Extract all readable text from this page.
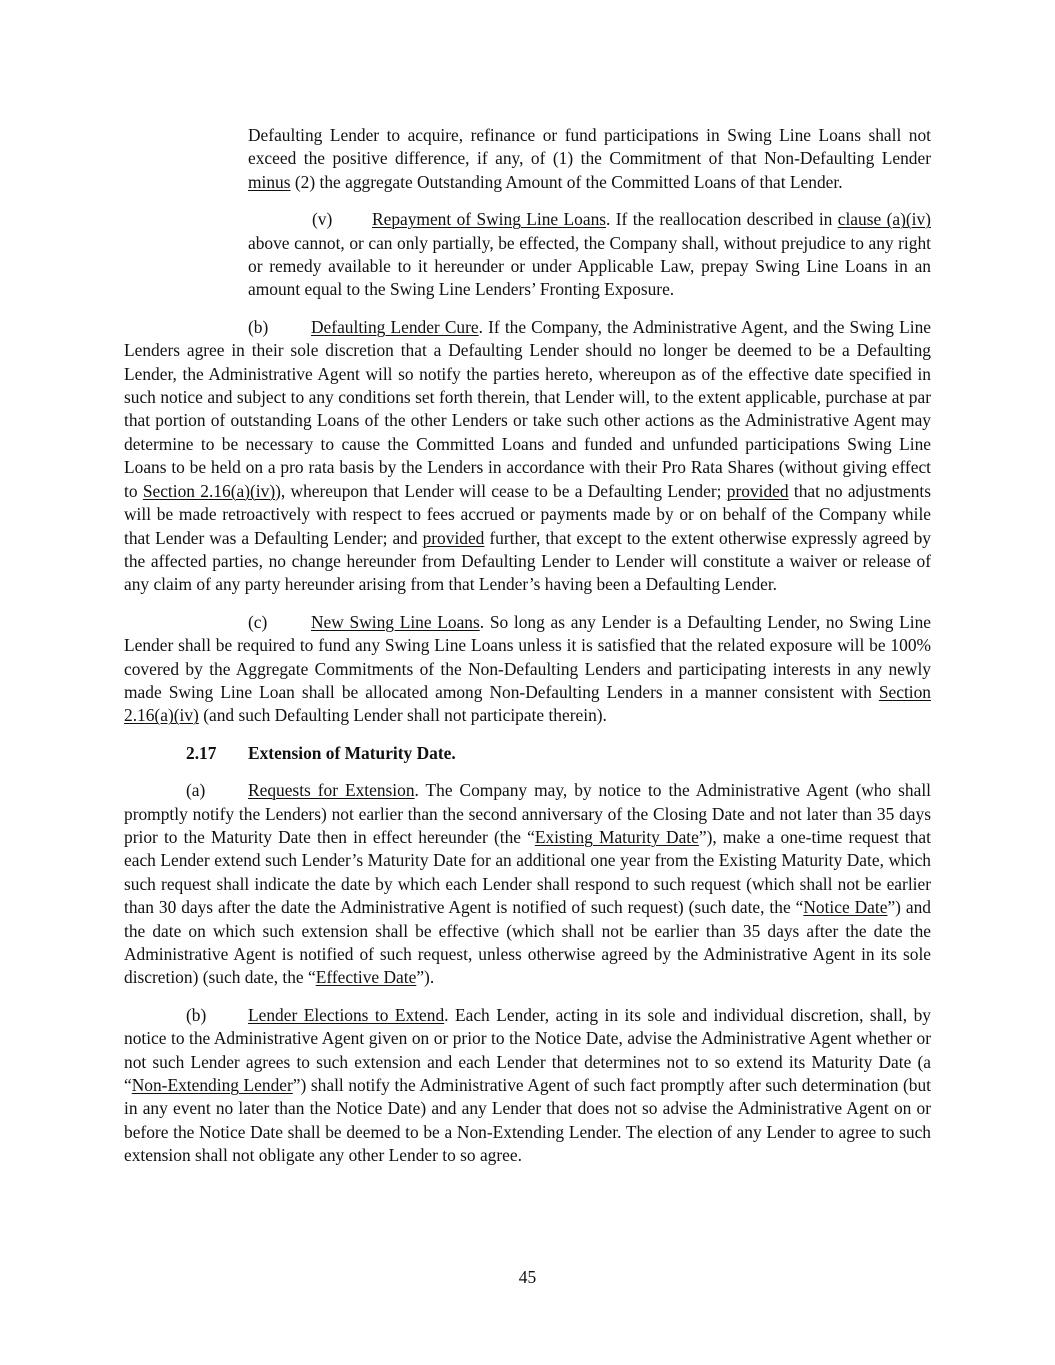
Defaulting Lender to acquire, refinance or fund participations in Swing Line Loans shall not exceed the positive difference, if any, of (1) the Commitment of that Non-Defaulting Lender minus (2) the aggregate Outstanding Amount of the Committed Loans of that Lender.

(v) Repayment of Swing Line Loans. If the reallocation described in clause (a)(iv) above cannot, or can only partially, be effected, the Company shall, without prejudice to any right or remedy available to it hereunder or under Applicable Law, prepay Swing Line Loans in an amount equal to the Swing Line Lenders’ Fronting Exposure.

(b) Defaulting Lender Cure. If the Company, the Administrative Agent, and the Swing Line Lenders agree in their sole discretion that a Defaulting Lender should no longer be deemed to be a Defaulting Lender, the Administrative Agent will so notify the parties hereto, whereupon as of the effective date specified in such notice and subject to any conditions set forth therein, that Lender will, to the extent applicable, purchase at par that portion of outstanding Loans of the other Lenders or take such other actions as the Administrative Agent may determine to be necessary to cause the Committed Loans and funded and unfunded participations Swing Line Loans to be held on a pro rata basis by the Lenders in accordance with their Pro Rata Shares (without giving effect to Section 2.16(a)(iv)), whereupon that Lender will cease to be a Defaulting Lender; provided that no adjustments will be made retroactively with respect to fees accrued or payments made by or on behalf of the Company while that Lender was a Defaulting Lender; and provided further, that except to the extent otherwise expressly agreed by the affected parties, no change hereunder from Defaulting Lender to Lender will constitute a waiver or release of any claim of any party hereunder arising from that Lender’s having been a Defaulting Lender.

(c)	New Swing Line Loans. So long as any Lender is a Defaulting Lender, no Swing Line Lender shall be required to fund any Swing Line Loans unless it is satisfied that the related exposure will be 100% covered by the Aggregate Commitments of the Non-Defaulting Lenders and participating interests in any newly made Swing Line Loan shall be allocated among Non-Defaulting Lenders in a manner consistent with Section 2.16(a)(iv) (and such Defaulting Lender shall not participate therein).

2.17 Extension of Maturity Date.

(a) Requests for Extension. The Company may, by notice to the Administrative Agent (who shall promptly notify the Lenders) not earlier than the second anniversary of the Closing Date and not later than 35 days prior to the Maturity Date then in effect hereunder (the “Existing Maturity Date”), make a one-time request that each Lender extend such Lender’s Maturity Date for an additional one year from the Existing Maturity Date, which such request shall indicate the date by which each Lender shall respond to such request (which shall not be earlier than 30 days after the date the Administrative Agent is notified of such request) (such date, the “Notice Date”) and the date on which such extension shall be effective (which shall not be earlier than 35 days after the date the Administrative Agent is notified of such request, unless otherwise agreed by the Administrative Agent in its sole discretion) (such date, the “Effective Date”).

(b) Lender Elections to Extend. Each Lender, acting in its sole and individual discretion, shall, by notice to the Administrative Agent given on or prior to the Notice Date, advise the Administrative Agent whether or not such Lender agrees to such extension and each Lender that determines not to so extend its Maturity Date (a “Non-Extending Lender”) shall notify the Administrative Agent of such fact promptly after such determination (but in any event no later than the Notice Date) and any Lender that does not so advise the Administrative Agent on or before the Notice Date shall be deemed to be a Non-Extending Lender. The election of any Lender to agree to such extension shall not obligate any other Lender to so agree.

45
